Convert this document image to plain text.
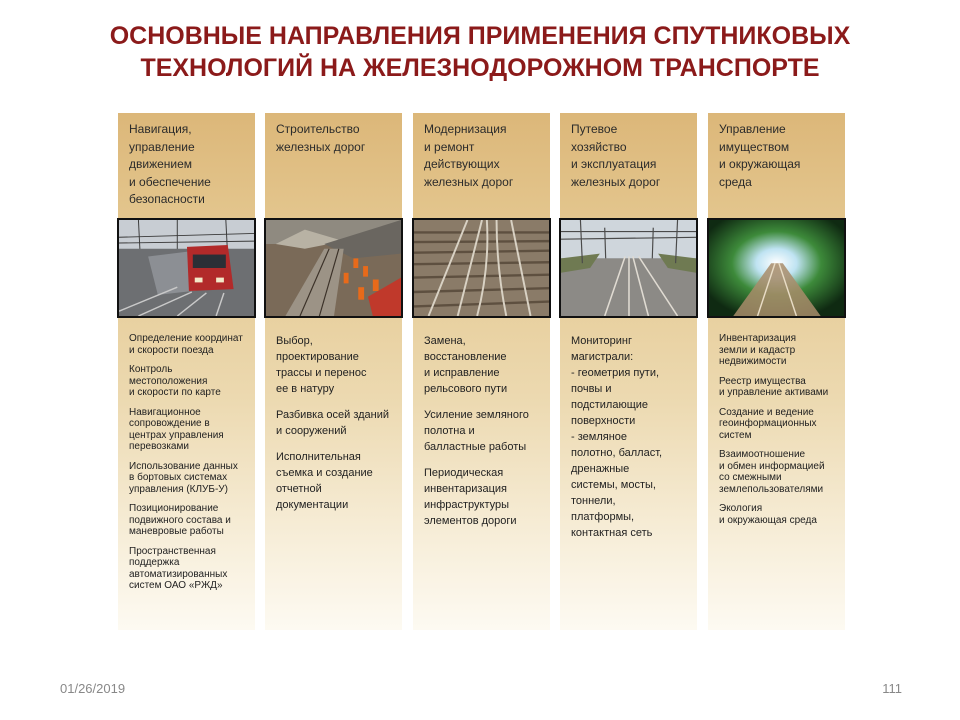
ОСНОВНЫЕ НАПРАВЛЕНИЯ ПРИМЕНЕНИЯ СПУТНИКОВЫХ
ТЕХНОЛОГИЙ НА ЖЕЛЕЗНОДОРОЖНОМ ТРАНСПОРТЕ
Навигация,
управление
движением
и обеспечение
безопасности
Определение координат
и скорости поезда
Контроль
местоположения
и скорости по карте
Навигационное
сопровождение в
центрах управления
перевозками
Использование данных
в бортовых системах
управления (КЛУБ-У)
Позиционирование
подвижного состава и
маневровые работы
Пространственная
поддержка
автоматизированных
систем ОАО «РЖД»
Строительство
железных дорог
Выбор,
проектирование
трассы и перенос
ее в натуру
Разбивка осей зданий
и сооружений
Исполнительная
съемка и создание
отчетной
документации
Модернизация
и ремонт
действующих
железных дорог
Замена,
восстановление
и исправление
рельсового пути
Усиление земляного
полотна и
балластные работы
Периодическая
инвентаризация
инфраструктуры
элементов дороги
Путевое
хозяйство
и эксплуатация
железных дорог
Мониторинг
магистрали:
- геометрия пути,
почвы и
подстилающие
поверхности
- земляное
полотно, балласт,
дренажные
системы, мосты,
тоннели,
платформы,
контактная сеть
Управление
имуществом
и окружающая
среда
Инвентаризация
земли и кадастр
недвижимости
Реестр имущества
и управление активами
Создание и ведение
геоинформационных
систем
Взаимоотношение
и обмен информацией
со смежными
землепользователями
Экология
и окружающая среда
01/26/2019	111
